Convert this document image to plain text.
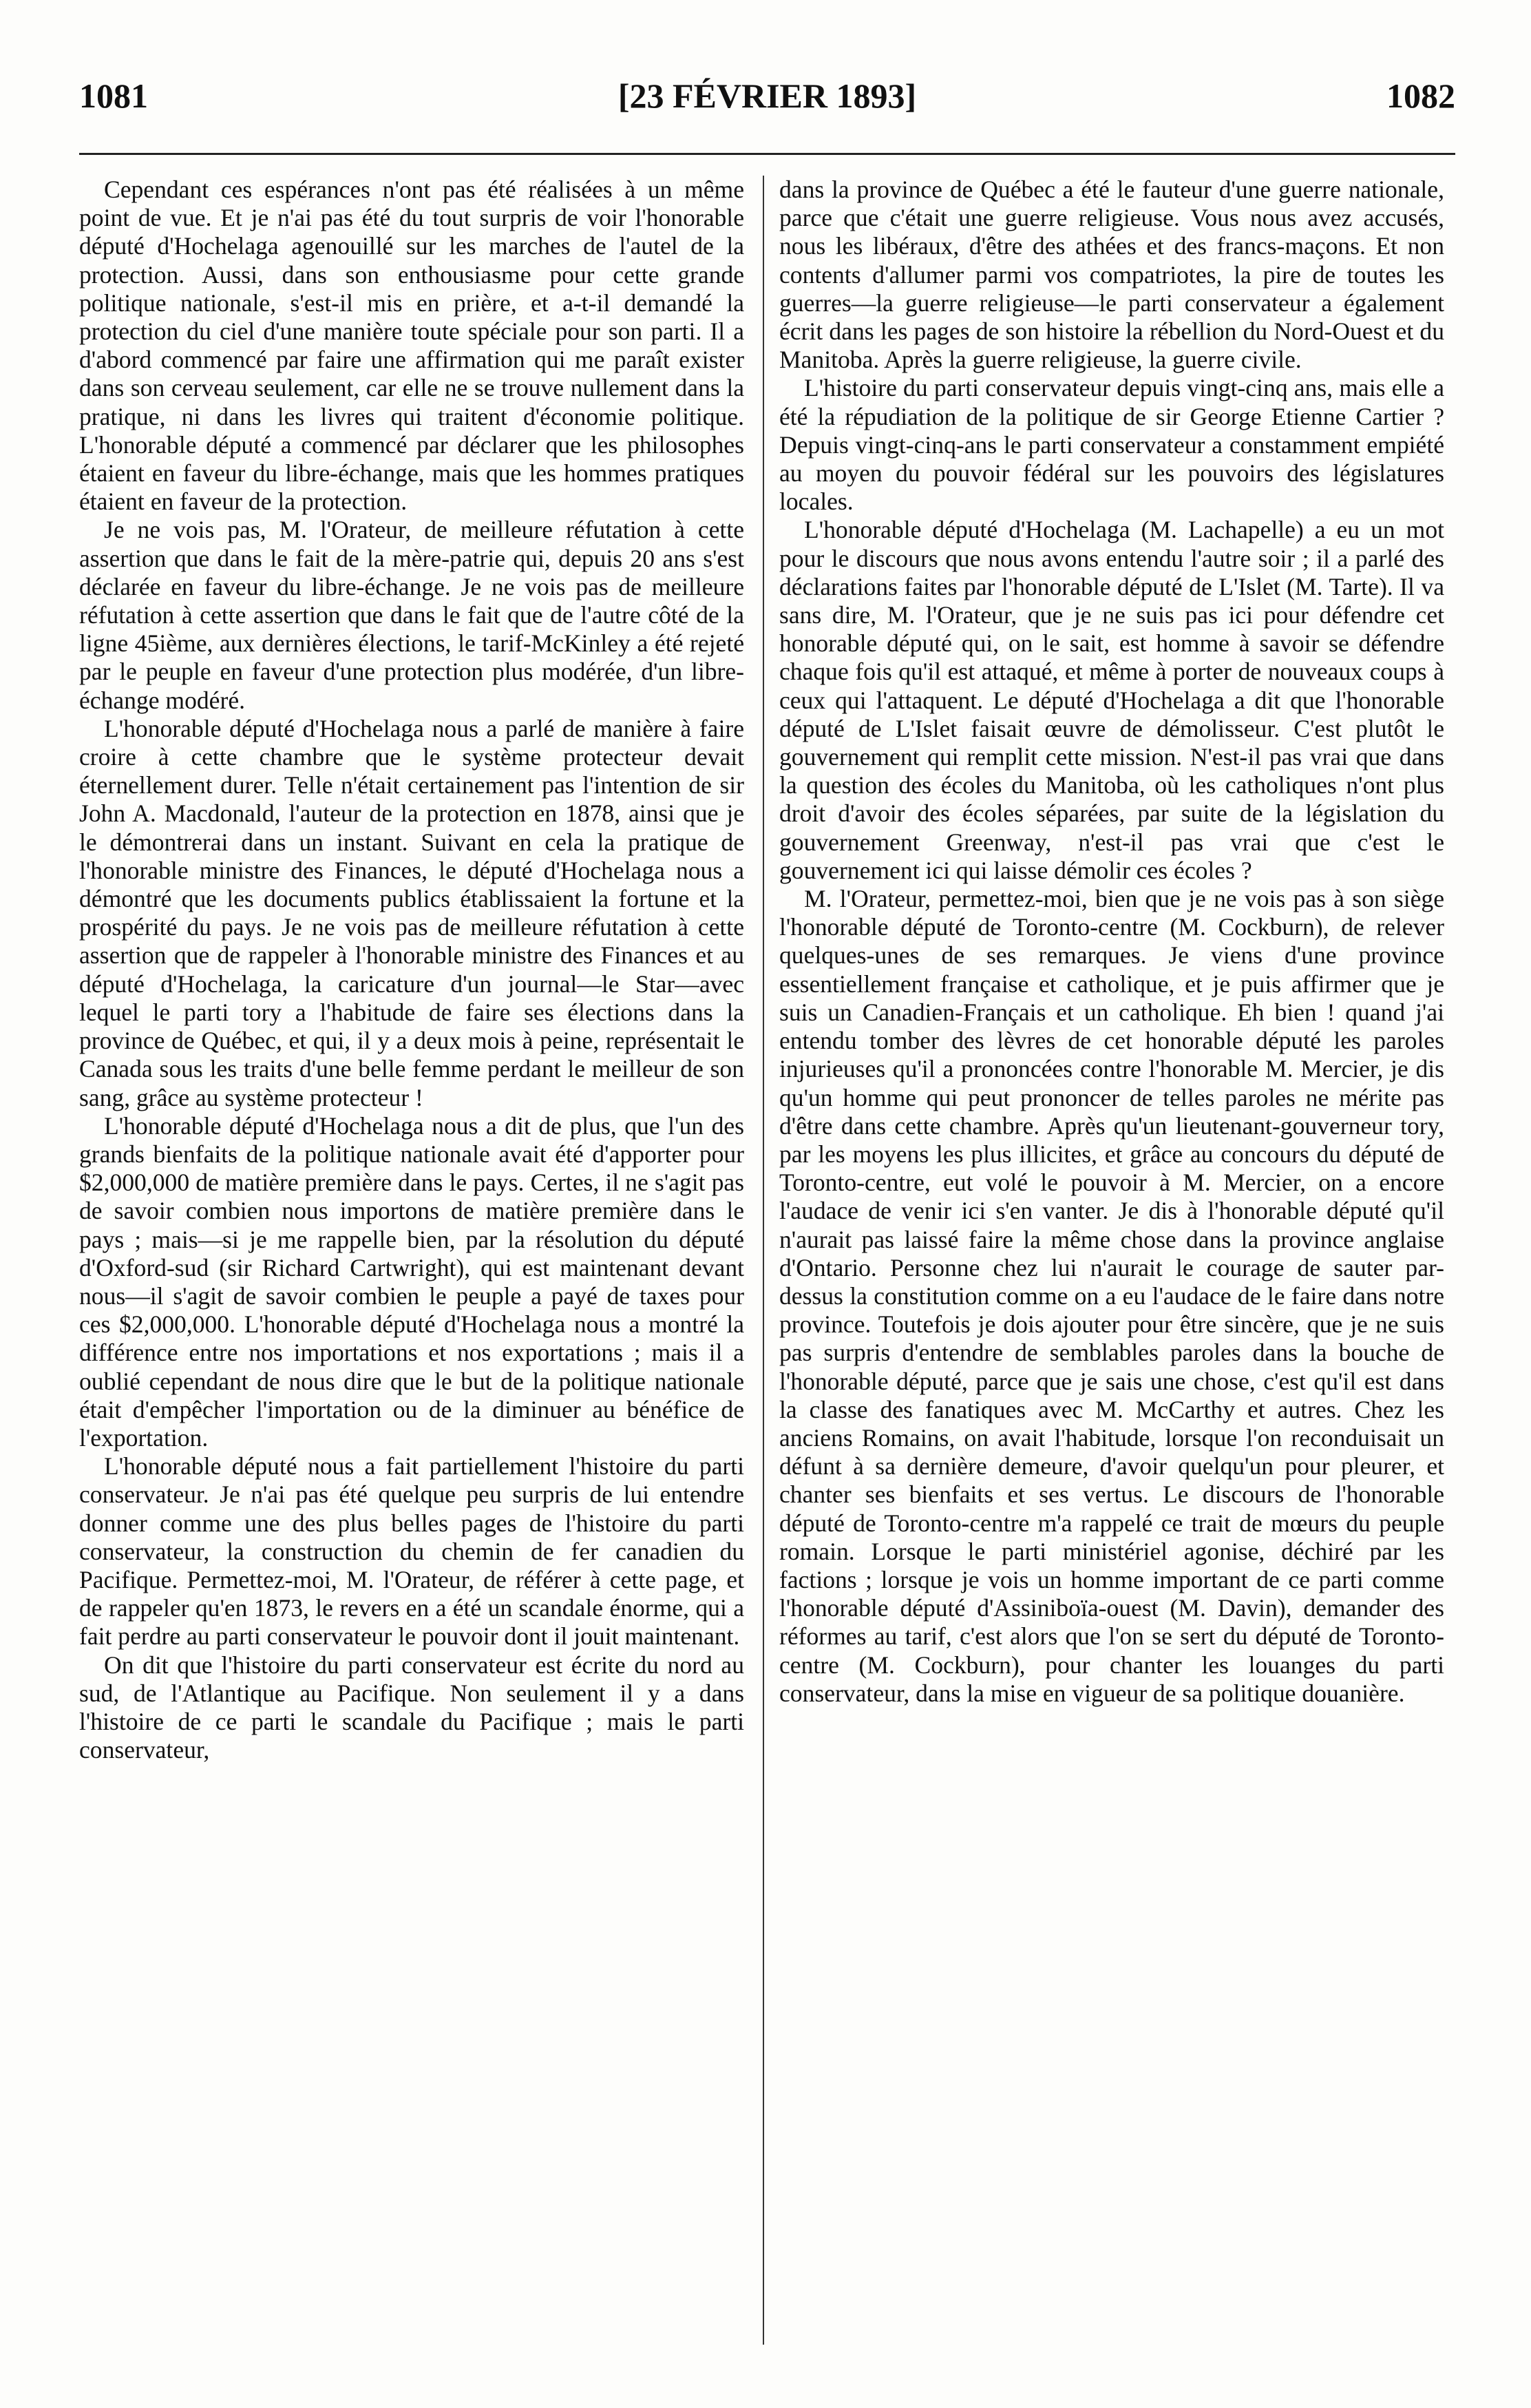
1081	[23 FÉVRIER 1893]	1082

Cependant ces espérances n'ont pas été réalisées à un même point de vue. Et je n'ai pas été du tout surpris de voir l'honorable député d'Hochelaga agenouillé sur les marches de l'autel de la protection. Aussi, dans son enthousiasme pour cette grande politique nationale, s'est-il mis en prière, et a-t-il demandé la protection du ciel d'une manière toute spéciale pour son parti. Il a d'abord commencé par faire une affirmation qui me paraît exister dans son cerveau seulement, car elle ne se trouve nullement dans la pratique, ni dans les livres qui traitent d'économie politique. L'honorable député a commencé par déclarer que les philosophes étaient en faveur du libre-échange, mais que les hommes pratiques étaient en faveur de la protection.

Je ne vois pas, M. l'Orateur, de meilleure réfutation à cette assertion que dans le fait de la mère-patrie qui, depuis 20 ans s'est déclarée en faveur du libre-échange. Je ne vois pas de meilleure réfutation à cette assertion que dans le fait que de l'autre côté de la ligne 45ième, aux dernières élections, le tarif-McKinley a été rejeté par le peuple en faveur d'une protection plus modérée, d'un libre-échange modéré.

L'honorable député d'Hochelaga nous a parlé de manière à faire croire à cette chambre que le système protecteur devait éternellement durer. Telle n'était certainement pas l'intention de sir John A. Macdonald, l'auteur de la protection en 1878, ainsi que je le démontrerai dans un instant. Suivant en cela la pratique de l'honorable ministre des Finances, le député d'Hochelaga nous a démontré que les documents publics établissaient la fortune et la prospérité du pays. Je ne vois pas de meilleure réfutation à cette assertion que de rappeler à l'honorable ministre des Finances et au député d'Hochelaga, la caricature d'un journal—le Star—avec lequel le parti tory a l'habitude de faire ses élections dans la province de Québec, et qui, il y a deux mois à peine, représentait le Canada sous les traits d'une belle femme perdant le meilleur de son sang, grâce au système protecteur !

L'honorable député d'Hochelaga nous a dit de plus, que l'un des grands bienfaits de la politique nationale avait été d'apporter pour $2,000,000 de matière première dans le pays. Certes, il ne s'agit pas de savoir combien nous importons de matière première dans le pays ; mais—si je me rappelle bien, par la résolution du député d'Oxford-sud (sir Richard Cartwright), qui est maintenant devant nous—il s'agit de savoir combien le peuple a payé de taxes pour ces $2,000,000. L'honorable député d'Hochelaga nous a montré la différence entre nos importations et nos exportations ; mais il a oublié cependant de nous dire que le but de la politique nationale était d'empêcher l'importation ou de la diminuer au bénéfice de l'exportation.

L'honorable député nous a fait partiellement l'histoire du parti conservateur. Je n'ai pas été quelque peu surpris de lui entendre donner comme une des plus belles pages de l'histoire du parti conservateur, la construction du chemin de fer canadien du Pacifique. Permettez-moi, M. l'Orateur, de référer à cette page, et de rappeler qu'en 1873, le revers en a été un scandale énorme, qui a fait perdre au parti conservateur le pouvoir dont il jouit maintenant.

On dit que l'histoire du parti conservateur est écrite du nord au sud, de l'Atlantique au Pacifique. Non seulement il y a dans l'histoire de ce parti le scandale du Pacifique ; mais le parti conservateur,

dans la province de Québec a été le fauteur d'une guerre nationale, parce que c'était une guerre religieuse. Vous nous avez accusés, nous les libéraux, d'être des athées et des francs-maçons. Et non contents d'allumer parmi vos compatriotes, la pire de toutes les guerres—la guerre religieuse—le parti conservateur a également écrit dans les pages de son histoire la rébellion du Nord-Ouest et du Manitoba. Après la guerre religieuse, la guerre civile.

L'histoire du parti conservateur depuis vingt-cinq ans, mais elle a été la répudiation de la politique de sir George Etienne Cartier ? Depuis vingt-cinq-ans le parti conservateur a constamment empiété au moyen du pouvoir fédéral sur les pouvoirs des législatures locales.

L'honorable député d'Hochelaga (M. Lachapelle) a eu un mot pour le discours que nous avons entendu l'autre soir ; il a parlé des déclarations faites par l'honorable député de L'Islet (M. Tarte). Il va sans dire, M. l'Orateur, que je ne suis pas ici pour défendre cet honorable député qui, on le sait, est homme à savoir se défendre chaque fois qu'il est attaqué, et même à porter de nouveaux coups à ceux qui l'attaquent. Le député d'Hochelaga a dit que l'honorable député de L'Islet faisait œuvre de démolisseur. C'est plutôt le gouvernement qui remplit cette mission. N'est-il pas vrai que dans la question des écoles du Manitoba, où les catholiques n'ont plus droit d'avoir des écoles séparées, par suite de la législation du gouvernement Greenway, n'est-il pas vrai que c'est le gouvernement ici qui laisse démolir ces écoles ?

M. l'Orateur, permettez-moi, bien que je ne vois pas à son siège l'honorable député de Toronto-centre (M. Cockburn), de relever quelques-unes de ses remarques. Je viens d'une province essentiellement française et catholique, et je puis affirmer que je suis un Canadien-Français et un catholique. Eh bien ! quand j'ai entendu tomber des lèvres de cet honorable député les paroles injurieuses qu'il a prononcées contre l'honorable M. Mercier, je dis qu'un homme qui peut prononcer de telles paroles ne mérite pas d'être dans cette chambre. Après qu'un lieutenant-gouverneur tory, par les moyens les plus illicites, et grâce au concours du député de Toronto-centre, eut volé le pouvoir à M. Mercier, on a encore l'audace de venir ici s'en vanter. Je dis à l'honorable député qu'il n'aurait pas laissé faire la même chose dans la province anglaise d'Ontario. Personne chez lui n'aurait le courage de sauter par-dessus la constitution comme on a eu l'audace de le faire dans notre province. Toutefois je dois ajouter pour être sincère, que je ne suis pas surpris d'entendre de semblables paroles dans la bouche de l'honorable député, parce que je sais une chose, c'est qu'il est dans la classe des fanatiques avec M. McCarthy et autres. Chez les anciens Romains, on avait l'habitude, lorsque l'on reconduisait un défunt à sa dernière demeure, d'avoir quelqu'un pour pleurer, et chanter ses bienfaits et ses vertus. Le discours de l'honorable député de Toronto-centre m'a rappelé ce trait de mœurs du peuple romain. Lorsque le parti ministériel agonise, déchiré par les factions ; lorsque je vois un homme important de ce parti comme l'honorable député d'Assiniboïa-ouest (M. Davin), demander des réformes au tarif, c'est alors que l'on se sert du député de Toronto-centre (M. Cockburn), pour chanter les louanges du parti conservateur, dans la mise en vigueur de sa politique douanière.
